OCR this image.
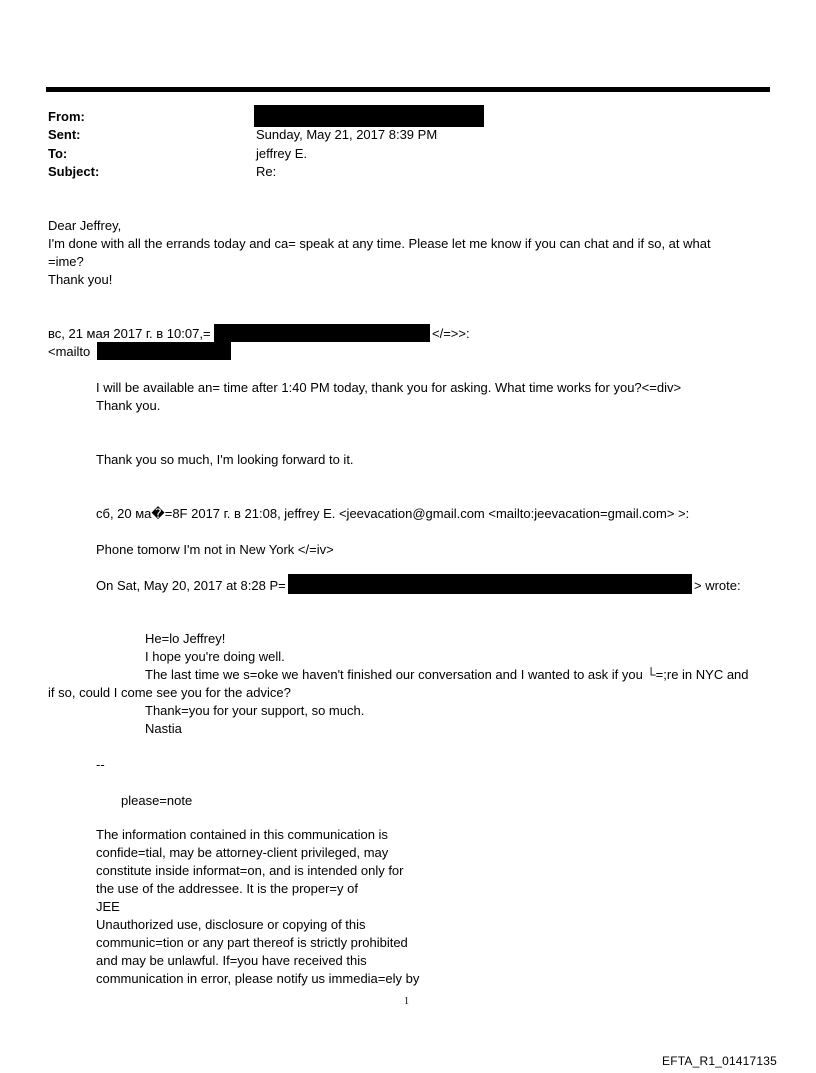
From:
Sent:	Sunday, May 21, 2017 8:39 PM
To:	jeffrey E.
Subject:	Re:
Dear Jeffrey,
I'm done with all the errands today and ca= speak at any time. Please let me know if you can chat and if so, at what
=ime?
Thank you!
вс, 21 мая 2017 г. в 10:07,=	</=>>:
<mailto
I will be available an= time after 1:40 PM today, thank you for asking. What time works for you?<=div>
Thank you.
Thank you so much, I'm looking forward to it.
сб, 20 ма�=8F 2017 г. в 21:08, jeffrey E. <jeevacation@gmail.com <mailto:jeevacation=gmail.com> >:
Phone tomorw I'm not in New York </=iv>
On Sat, May 20, 2017 at 8:28 P=	> wrote:
He=lo Jeffrey!
I hope you're doing well.
The last time we s=oke we haven't finished our conversation and I wanted to ask if you └=;re in NYC and
if so, could I come see you for the advice?
Thank=you for your support, so much.
Nastia
--
please=note
The information contained in this communication is
confide=tial, may be attorney-client privileged, may
constitute inside informat=on, and is intended only for
the use of the addressee. It is the proper=y of
JEE
Unauthorized use, disclosure or copying of this
communic=tion or any part thereof is strictly prohibited
and may be unlawful. If=you have received this
communication in error, please notify us immedia=ely by
1
EFTA_R1_01417135
